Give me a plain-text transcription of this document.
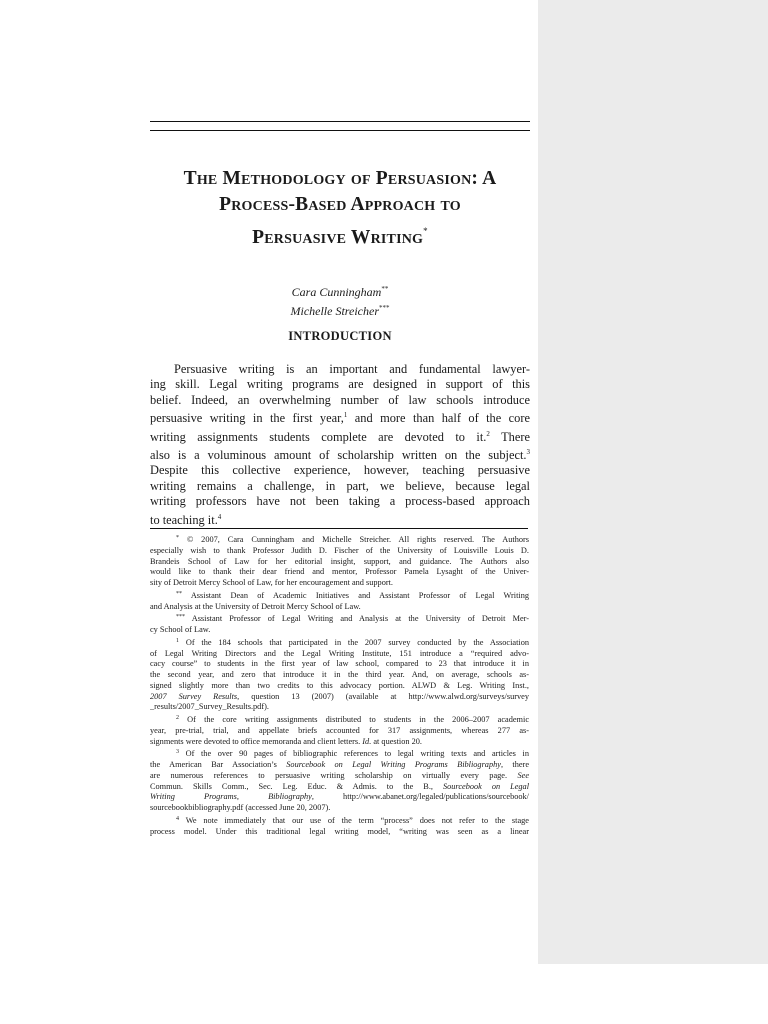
The Methodology of Persuasion: A
Process-Based Approach to
Persuasive Writing*
Cara Cunningham**
Michelle Streicher***
INTRODUCTION
Persuasive writing is an important and fundamental lawyer-
ing skill. Legal writing programs are designed in support of this
belief. Indeed, an overwhelming number of law schools introduce
persuasive writing in the first year,$^1$ and more than half of the core
writing assignments students complete are devoted to it.$^2$ There
also is a voluminous amount of scholarship written on the subject.$^3$
Despite this collective experience, however, teaching persuasive
writing remains a challenge, in part, we believe, because legal
writing professors have not been taking a process-based approach
to teaching it.$^4$
* © 2007, Cara Cunningham and Michelle Streicher. All rights reserved. The Authors
especially wish to thank Professor Judith D. Fischer of the University of Louisville Louis D.
Brandeis School of Law for her editorial insight, support, and guidance. The Authors also
would like to thank their dear friend and mentor, Professor Pamela Lysaght of the Univer-
sity of Detroit Mercy School of Law, for her encouragement and support.
** Assistant Dean of Academic Initiatives and Assistant Professor of Legal Writing
and Analysis at the University of Detroit Mercy School of Law.
*** Assistant Professor of Legal Writing and Analysis at the University of Detroit Mer-
cy School of Law.
$^1$ Of the 184 schools that participated in the 2007 survey conducted by the Association
of Legal Writing Directors and the Legal Writing Institute, 151 introduce a “required advo-
cacy course” to students in the first year of law school, compared to 23 that introduce it in
the second year, and zero that introduce it in the third year. And, on average, schools as-
signed slightly more than two credits to this advocacy portion. ALWD & Leg. Writing Inst.,
2007 Survey Results, question 13 (2007) (available at http://www.alwd.org/surveys/survey
_results/2007_Survey_Results.pdf).
$^2$ Of the core writing assignments distributed to students in the 2006–2007 academic
year, pre-trial, trial, and appellate briefs accounted for 317 assignments, whereas 277 as-
signments were devoted to office memoranda and client letters. Id. at question 20.
$^3$ Of the over 90 pages of bibliographic references to legal writing texts and articles in
the American Bar Association’s Sourcebook on Legal Writing Programs Bibliography, there
are numerous references to persuasive writing scholarship on virtually every page. See
Commun. Skills Comm., Sec. Leg. Educ. & Admis. to the B., Sourcebook on Legal
Writing Programs, Bibliography, http://www.abanet.org/legaled/publications/sourcebook/
sourcebookbibliography.pdf (accessed June 20, 2007).
$^4$ We note immediately that our use of the term “process” does not refer to the stage
process model. Under this traditional legal writing model, “writing was seen as a linear
